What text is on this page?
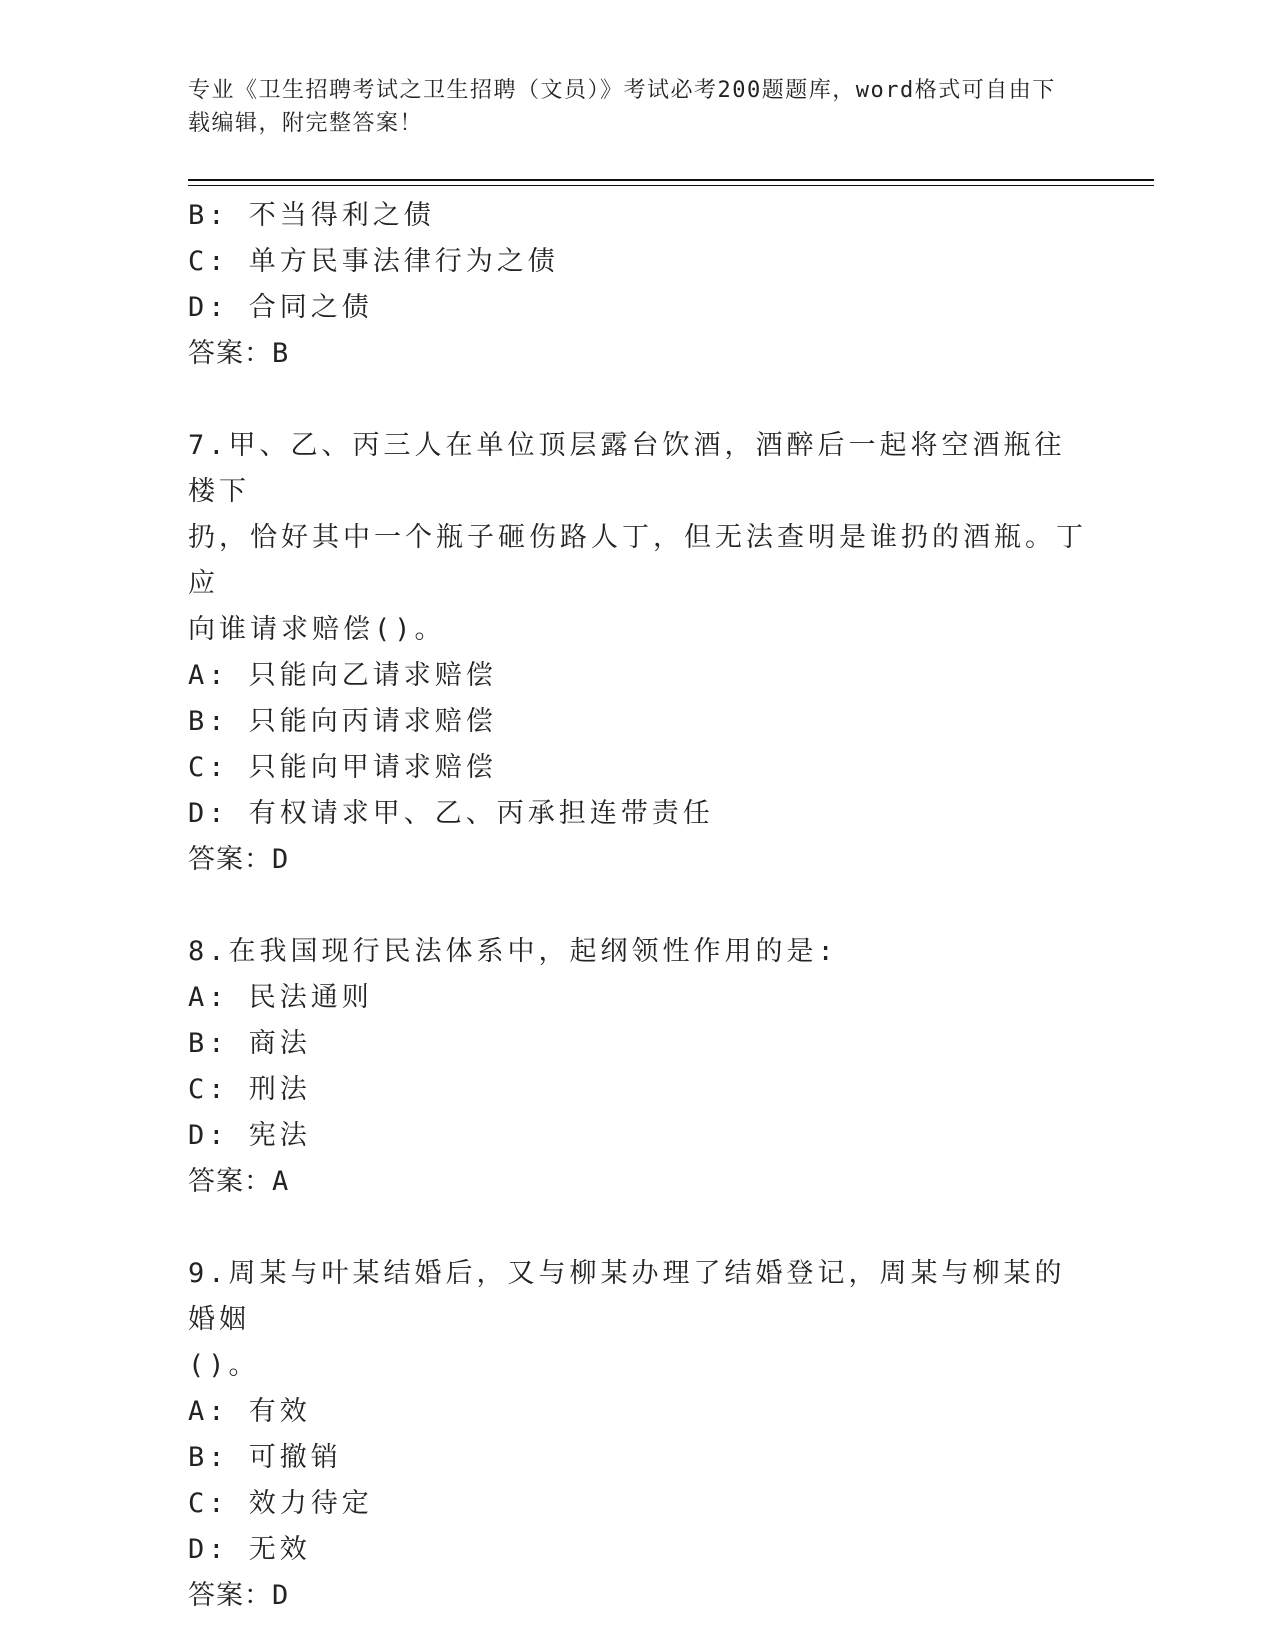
专业《卫生招聘考试之卫生招聘（文员）》考试必考200题题库，word格式可自由下载编辑，附完整答案！
B: 不当得利之债
C: 单方民事法律行为之债
D: 合同之债
答案：B
7.甲、乙、丙三人在单位顶层露台饮酒，酒醉后一起将空酒瓶往楼下
扔，恰好其中一个瓶子砸伤路人丁，但无法查明是谁扔的酒瓶。丁应
向谁请求赔偿()。
A: 只能向乙请求赔偿
B: 只能向丙请求赔偿
C: 只能向甲请求赔偿
D: 有权请求甲、乙、丙承担连带责任
答案：D
8.在我国现行民法体系中，起纲领性作用的是:
A: 民法通则
B: 商法
C: 刑法
D: 宪法
答案：A
9.周某与叶某结婚后，又与柳某办理了结婚登记，周某与柳某的婚姻
()。
A: 有效
B: 可撤销
C: 效力待定
D: 无效
答案：D
